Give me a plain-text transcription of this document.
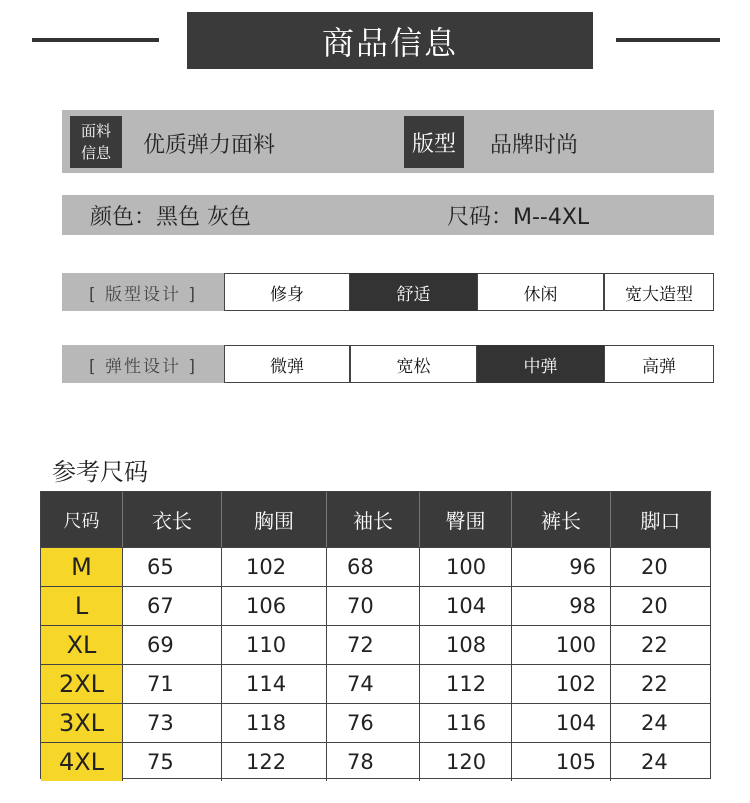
商品信息
面料
信息	优质弹力面料	版型	品牌时尚
颜色：黑色 灰色	尺码：M--4XL
[ 版型设计 ]	修身	舒适	休闲	宽大造型
[ 弹性设计 ]	微弹	宽松	中弹	高弹
参考尺码
尺码	衣长	胸围	袖长	臀围	裤长	脚口
M	65	102	68	100	96	20
L	67	106	70	104	98	20
XL	69	110	72	108	100	22
2XL	71	114	74	112	102	22
3XL	73	118	76	116	104	24
4XL	75	122	78	120	105	24
